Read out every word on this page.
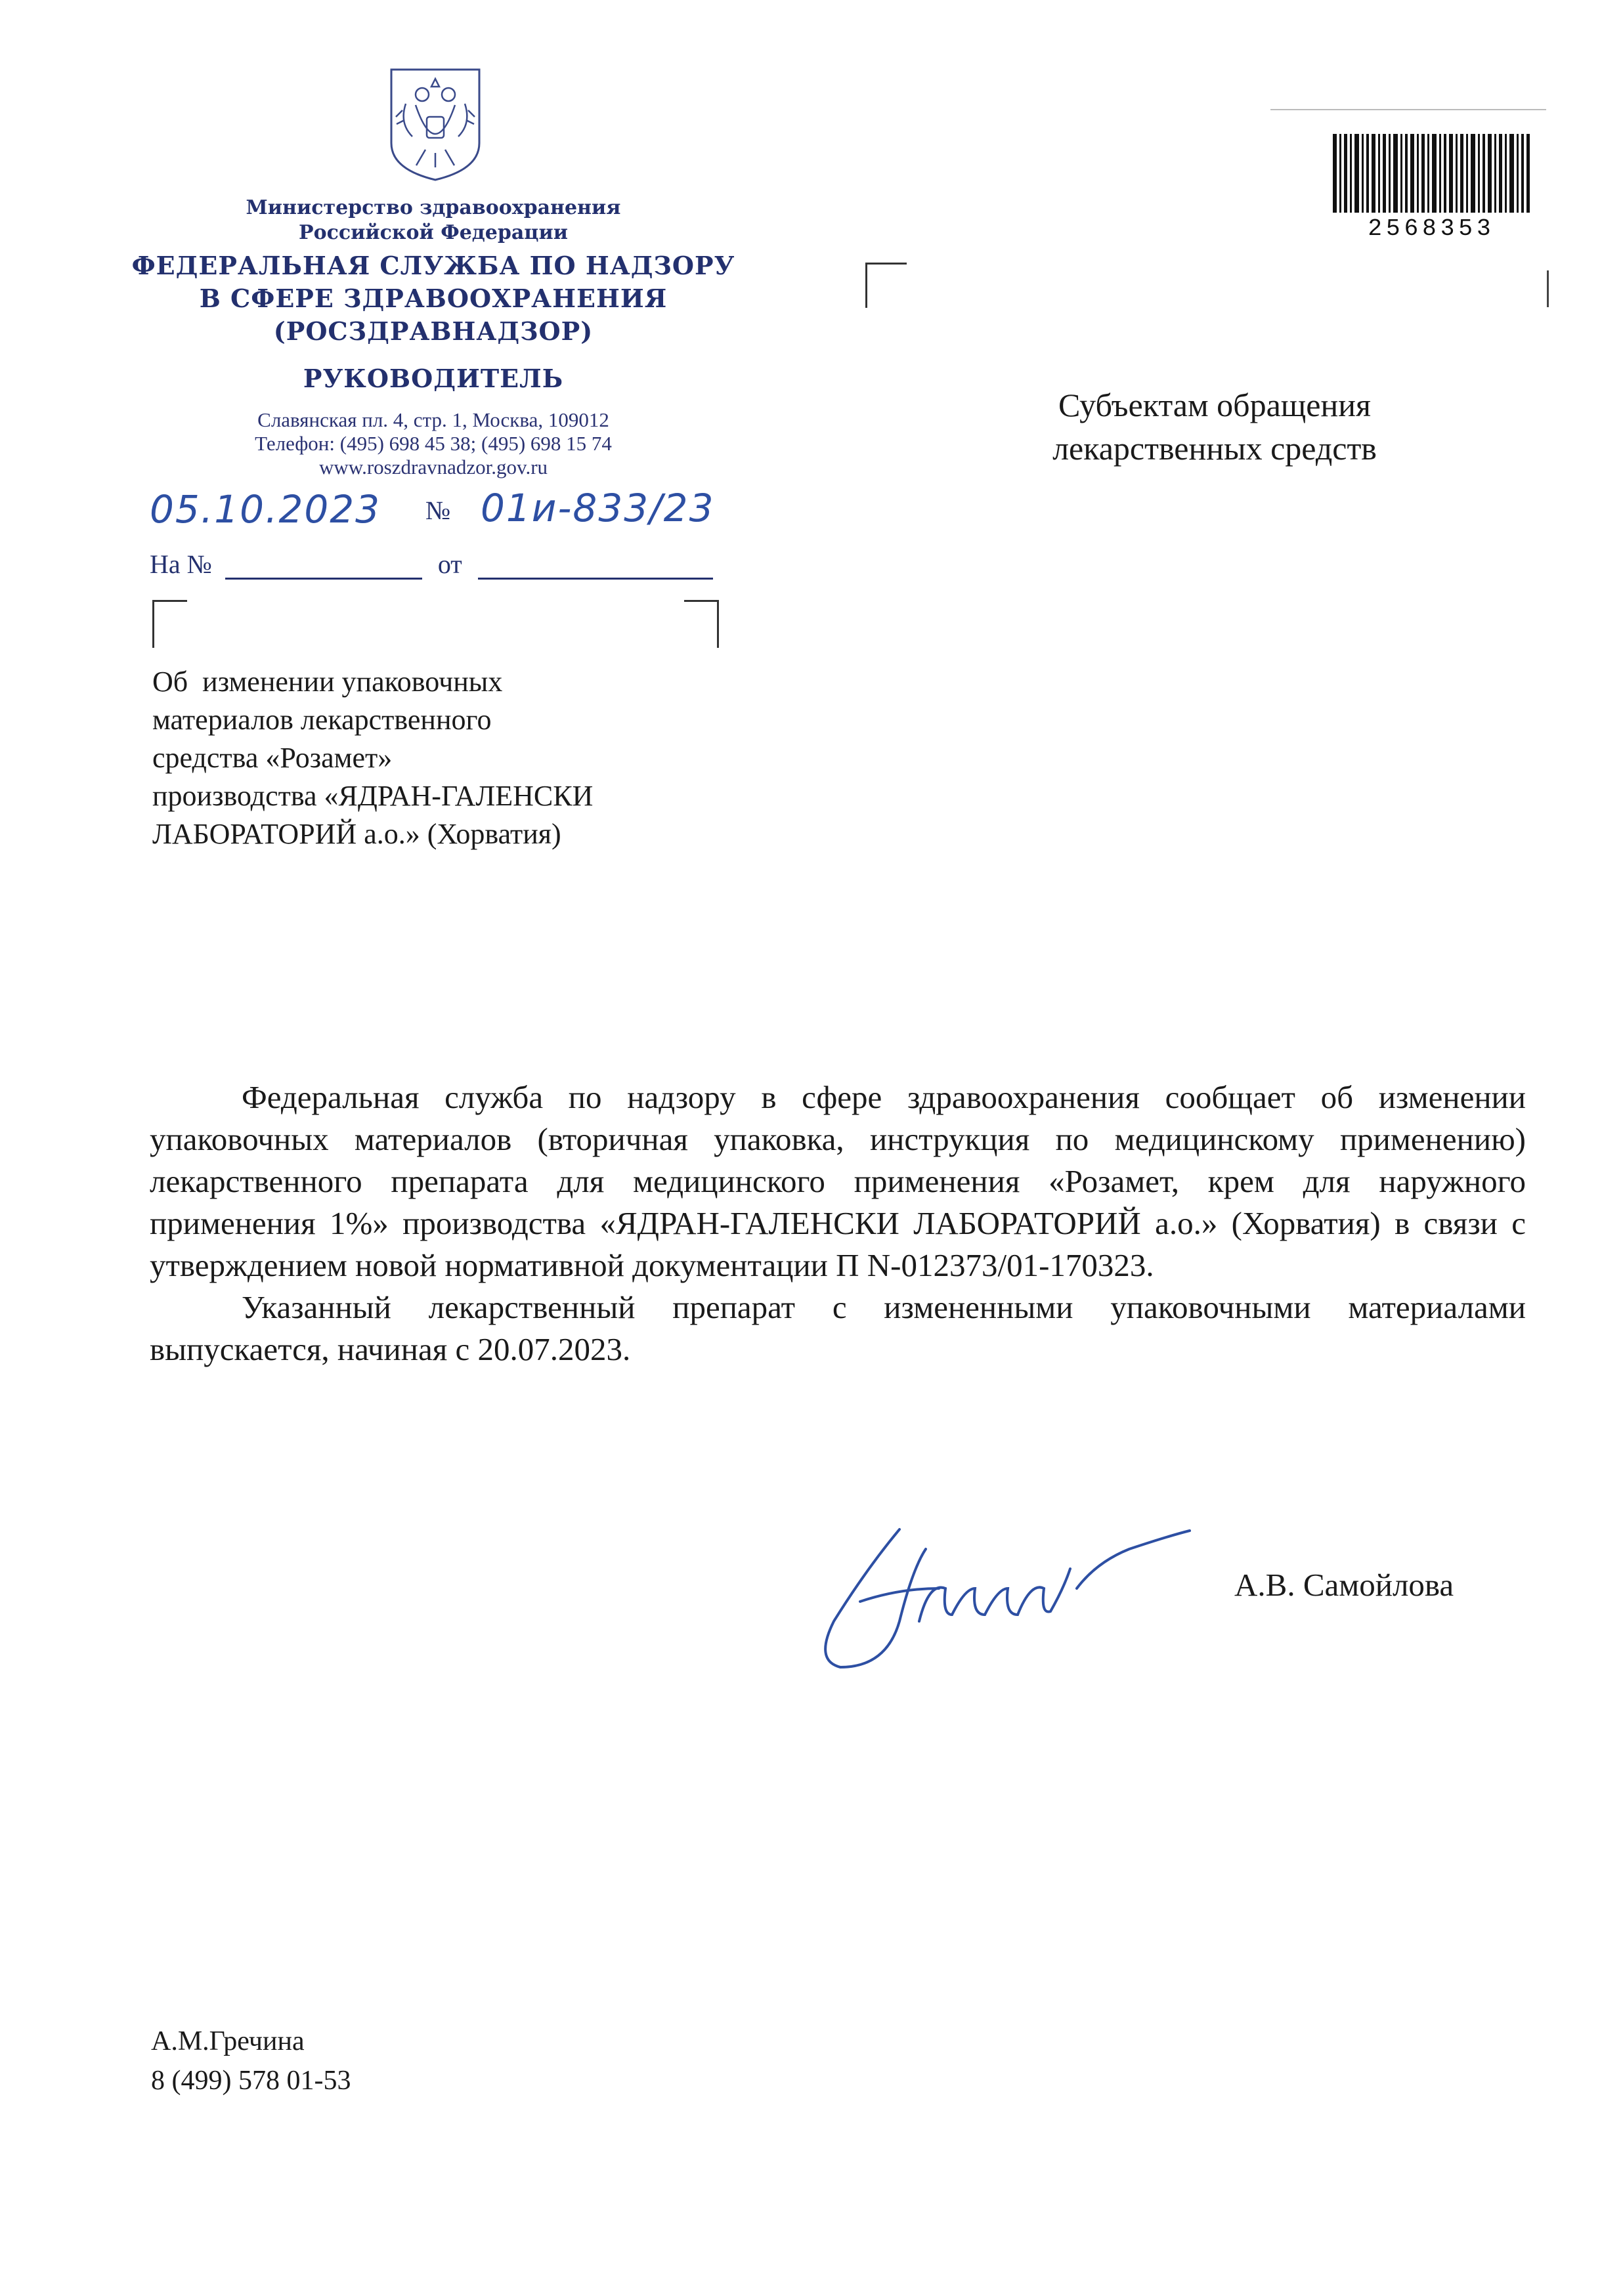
2568353
Министерство здравоохранения
Российской Федерации
ФЕДЕРАЛЬНАЯ СЛУЖБА ПО НАДЗОРУ
В СФЕРЕ ЗДРАВООХРАНЕНИЯ
(РОСЗДРАВНАДЗОР)
РУКОВОДИТЕЛЬ
Славянская пл. 4, стр. 1, Москва, 109012
Телефон: (495) 698 45 38; (495) 698 15 74
www.roszdravnadzor.gov.ru
05.10.2023 № 01и-833/23
На №	от
Субъектам обращения
лекарственных средств
Об  изменении упаковочных
материалов лекарственного
средства «Розамет»
производства «ЯДРАН-ГАЛЕНСКИ
ЛАБОРАТОРИЙ а.о.» (Хорватия)

Федеральная служба по надзору в сфере здравоохранения сообщает об изменении упаковочных материалов (вторичная упаковка, инструкция по медицинскому применению) лекарственного препарата для медицинского применения «Розамет, крем для наружного применения 1%» производства «ЯДРАН-ГАЛЕНСКИ ЛАБОРАТОРИЙ а.о.» (Хорватия) в связи с утверждением новой нормативной документации П N-012373/01-170323.

Указанный лекарственный препарат с измененными упаковочными материалами выпускается, начиная с 20.07.2023.

А.В. Самойлова
А.М.Гречина
8 (499) 578 01-53
